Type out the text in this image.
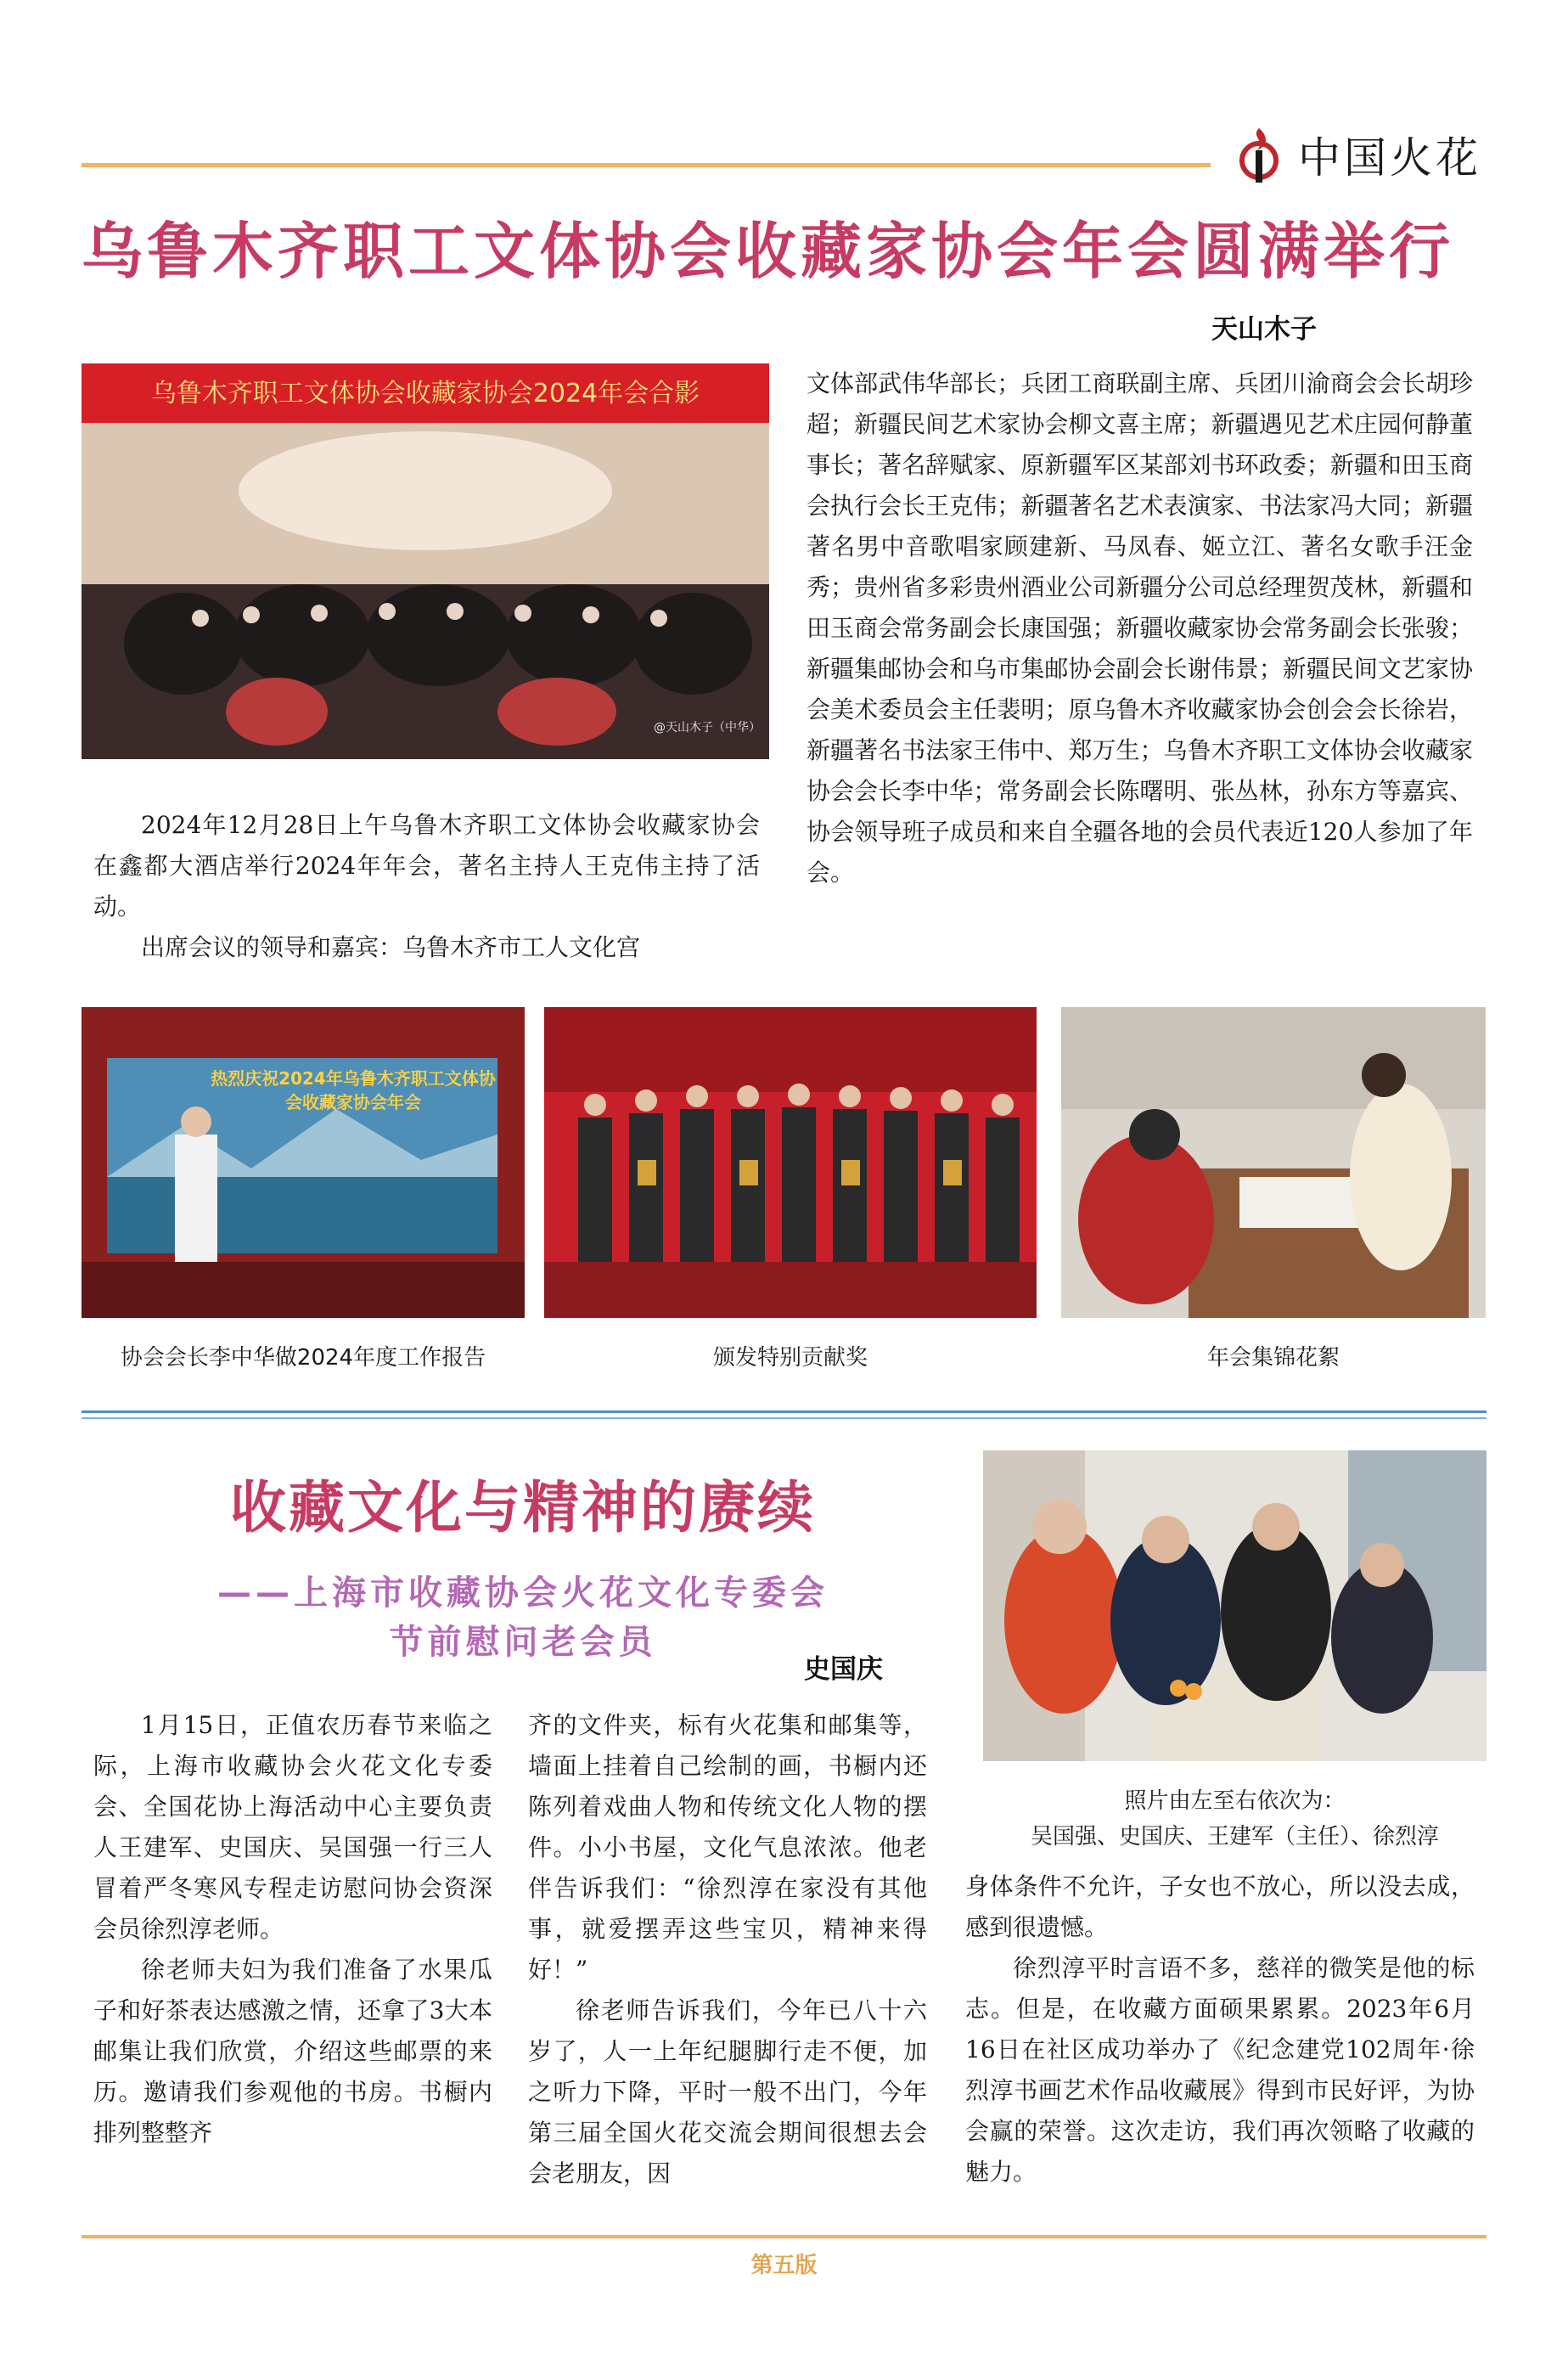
中国火花
乌鲁木齐职工文体协会收藏家协会年会圆满举行
天山木子
乌鲁木齐职工文体协会收藏家协会2024年会合影
@天山木子（中华）

2024年12月28日上午乌鲁木齐职工文体协会收藏家协会在鑫都大酒店举行2024年年会，著名主持人王克伟主持了活动。

出席会议的领导和嘉宾：乌鲁木齐市工人文化宫

文体部武伟华部长；兵团工商联副主席、兵团川渝商会会长胡珍超；新疆民间艺术家协会柳文喜主席；新疆遇见艺术庄园何静董事长；著名辞赋家、原新疆军区某部刘书环政委；新疆和田玉商会执行会长王克伟；新疆著名艺术表演家、书法家冯大同；新疆著名男中音歌唱家顾建新、马凤春、姬立江、著名女歌手汪金秀；贵州省多彩贵州酒业公司新疆分公司总经理贺茂林，新疆和田玉商会常务副会长康国强；新疆收藏家协会常务副会长张骏；新疆集邮协会和乌市集邮协会副会长谢伟景；新疆民间文艺家协会美术委员会主任裴明；原乌鲁木齐收藏家协会创会会长徐岩，新疆著名书法家王伟中、郑万生；乌鲁木齐职工文体协会收藏家协会会长李中华；常务副会长陈曙明、张丛林，孙东方等嘉宾、协会领导班子成员和来自全疆各地的会员代表近120人参加了年会。

热烈庆祝2024年乌鲁木齐职工文体协会收藏家协会年会
协会会长李中华做2024年度工作报告	颁发特别贡献奖	年会集锦花絮
收藏文化与精神的赓续
——上海市收藏协会火花文化专委会
节前慰问老会员
史国庆
照片由左至右依次为：
吴国强、史国庆、王建军（主任）、徐烈淳

1月15日，正值农历春节来临之际，上海市收藏协会火花文化专委会、全国花协上海活动中心主要负责人王建军、史国庆、吴国强一行三人冒着严冬寒风专程走访慰问协会资深会员徐烈淳老师。

徐老师夫妇为我们准备了水果瓜子和好茶表达感激之情，还拿了3大本邮集让我们欣赏，介绍这些邮票的来历。邀请我们参观他的书房。书橱内排列整整齐

齐的文件夹，标有火花集和邮集等，墙面上挂着自己绘制的画，书橱内还陈列着戏曲人物和传统文化人物的摆件。小小书屋，文化气息浓浓。他老伴告诉我们：“徐烈淳在家没有其他事，就爱摆弄这些宝贝，精神来得好！”

徐老师告诉我们，今年已八十六岁了，人一上年纪腿脚行走不便，加之听力下降，平时一般不出门，今年第三届全国火花交流会期间很想去会会老朋友，因

身体条件不允许，子女也不放心，所以没去成，感到很遗憾。

徐烈淳平时言语不多，慈祥的微笑是他的标志。但是，在收藏方面硕果累累。2023年6月16日在社区成功举办了《纪念建党102周年·徐烈淳书画艺术作品收藏展》得到市民好评，为协会赢的荣誉。这次走访，我们再次领略了收藏的魅力。

第五版
